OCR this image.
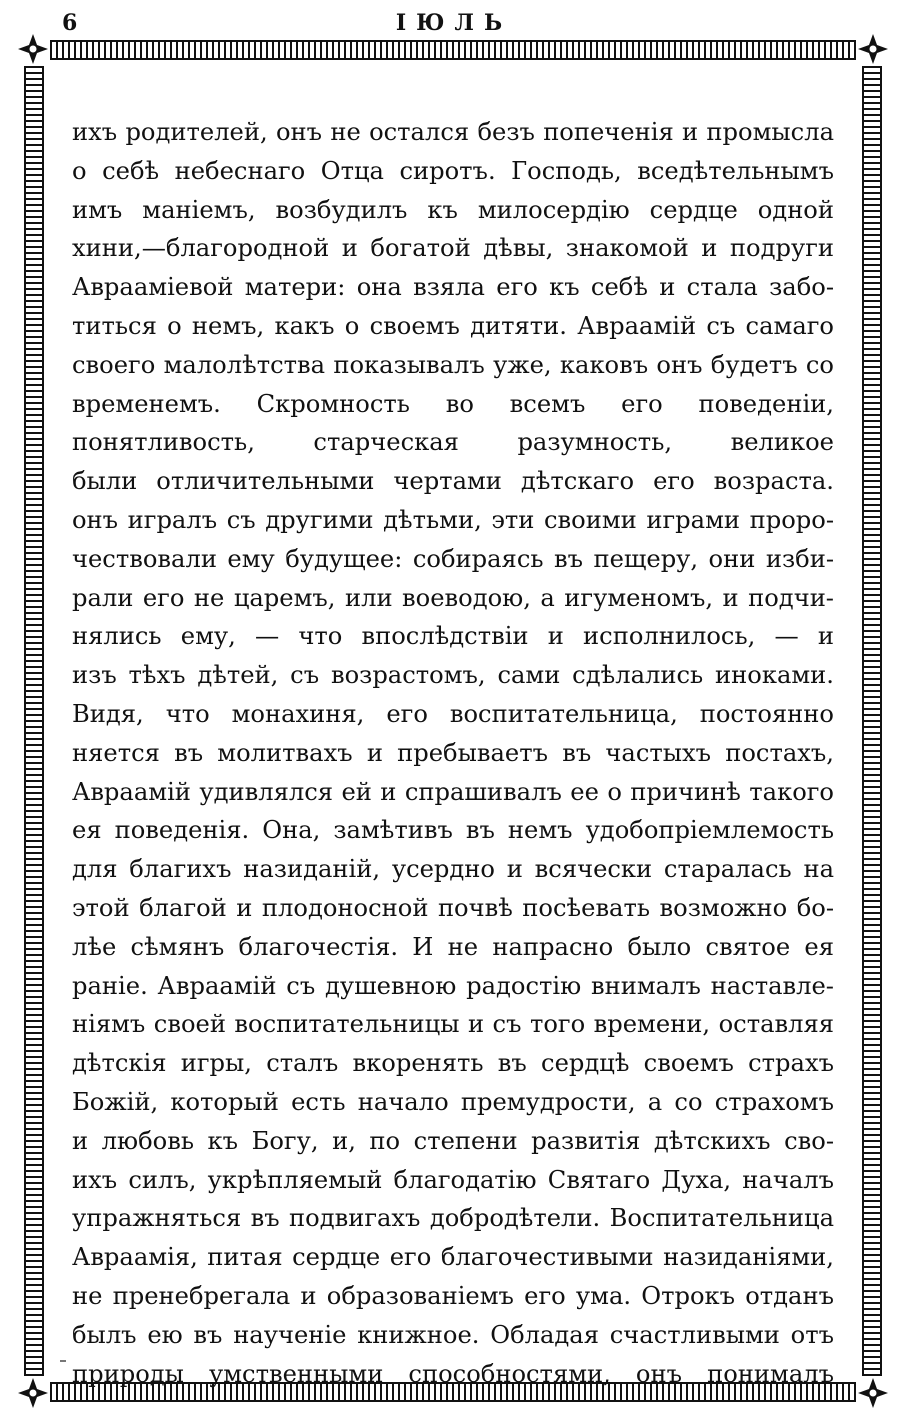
6	ІЮЛЬ
ихъ родителей, онъ не остался безъ попеченія и промысла
о себѣ небеснаго Отца сиротъ. Господь, вседѣтельнымъ
имъ маніемъ, возбудилъ къ милосердію сердце одной
хини,—благородной и богатой дѣвы, знакомой и подруги
Авраамiевой матери: она взяла его къ себѣ и стала забо-
титься о немъ, какъ о своемъ дитяти. Авраамій съ самаго
своего малолѣтства показывалъ уже, каковъ онъ будетъ со
временемъ. Скромность во всемъ его поведеніи,
понятливость, старческая разумность, великое
были отличительными чертами дѣтскаго его возраста.
онъ игралъ съ другими дѣтьми, эти своими играми проро-
чествовали ему будущее: собираясь въ пещеру, они изби-
рали его не царемъ, или воеводою, а игуменомъ, и подчи-
нялись ему, — что впослѣдствіи и исполнилось, — и
изъ тѣхъ дѣтей, съ возрастомъ, сами сдѣлались иноками.
Видя, что монахиня, его воспитательница, постоянно
няется въ молитвахъ и пребываетъ въ частыхъ постахъ,
Авраамій удивлялся ей и спрашивалъ ее о причинѣ такого
ея поведенія. Она, замѣтивъ въ немъ удобопріемлемость
для благихъ назиданій, усердно и всячески старалась на
этой благой и плодоносной почвѣ посѣевать возможно бо-
лѣе сѣмянъ благочестія. И не напрасно было святое ея
раніе. Авраамій съ душевною радостію внималъ наставле-
ніямъ своей воспитательницы и съ того времени, оставляя
дѣтскія игры, сталъ вкоренять въ сердцѣ своемъ страхъ
Божій, который есть начало премудрости, а со страхомъ
и любовь къ Богу, и, по степени развитія дѣтскихъ сво-
ихъ силъ, укрѣпляемый благодатію Святаго Духа, началъ
упражняться въ подвигахъ добродѣтели. Воспитательница
Авраамія, питая сердце его благочестивыми назиданіями,
не пренебрегала и образованіемъ его ума. Отрокъ отданъ
былъ ею въ наученіе книжное. Обладая счастливыми отъ
природы умственными способностями, онъ понималъ
